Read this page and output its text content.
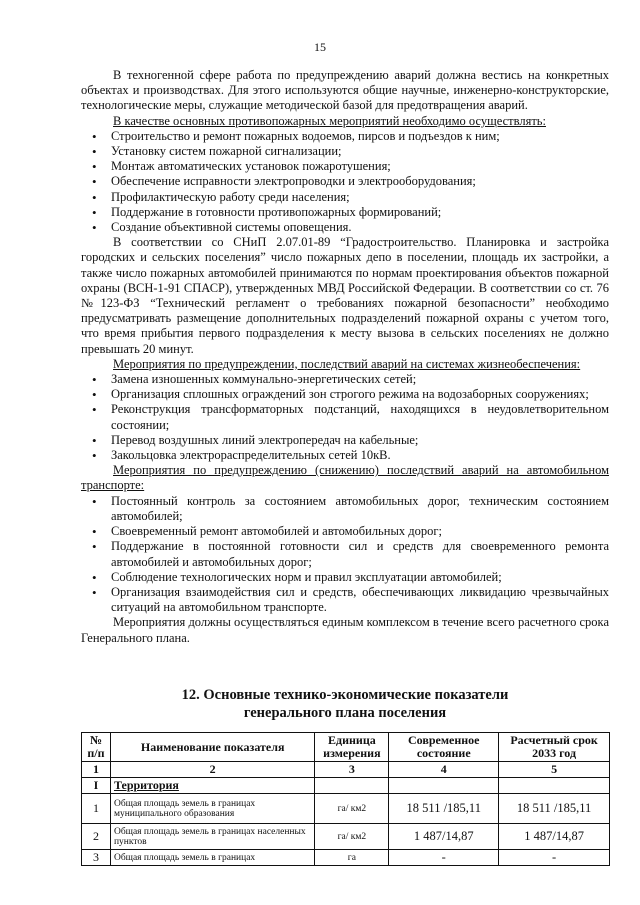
15

В техногенной сфере работа по предупреждению аварий должна вестись на конкретных объектах и производствах. Для этого используются общие научные, инженерно-конструкторские, технологические меры, служащие методической базой для предотвращения аварий.

В качестве основных противопожарных мероприятий необходимо осуществлять:

• Строительство и ремонт пожарных водоемов, пирсов и подъездов к ним;
• Установку систем пожарной сигнализации;
• Монтаж автоматических установок пожаротушения;
• Обеспечение исправности электропроводки и электрооборудования;
• Профилактическую работу среди населения;
• Поддержание в готовности противопожарных формирований;
• Создание объективной системы оповещения.

В соответствии со СНиП 2.07.01-89 “Градостроительство. Планировка и застройка городских и сельских поселения” число пожарных депо в поселении, площадь их застройки, а также число пожарных автомобилей принимаются по нормам проектирования объектов пожарной охраны (ВСН-1-91 СПАСР), утвержденных МВД Российской Федерации. В соответствии со ст. 76 №123-ФЗ “Технический регламент о требованиях пожарной безопасности” необходимо предусматривать размещение дополнительных подразделений пожарной охраны с учетом того, что время прибытия первого подразделения к месту вызова в сельских поселениях не должно превышать 20 минут.

Мероприятия по предупреждении, последствий аварий на системах жизнеобеспечения:

• Замена изношенных коммунально-энергетических сетей;
• Организация сплошных ограждений зон строгого режима на водозаборных сооружениях;
• Реконструкция трансформаторных подстанций, находящихся в неудовлетворительном состоянии;
• Перевод воздушных линий электропередач на кабельные;
• Закольцовка электрораспределительных сетей 10кВ.

Мероприятия по предупреждению (снижению) последствий аварий на автомобильном транспорте:

• Постоянный контроль за состоянием автомобильных дорог, техническим состоянием автомобилей;
• Своевременный ремонт автомобилей и автомобильных дорог;
• Поддержание в постоянной готовности сил и средств для своевременного ремонта автомобилей и автомобильных дорог;
• Соблюдение технологических норм и правил эксплуатации автомобилей;
• Организация взаимодействия сил и средств, обеспечивающих ликвидацию чрезвычайных ситуаций на автомобильном транспорте.

Мероприятия должны осуществляться единым комплексом в течение всего расчетного срока Генерального плана.

12. Основные технико-экономические показатели
генерального плана поселения
№ п/п	Наименование показателя	Единица измерения	Современное состояние	Расчетный срок 2033 год
1	2	3	4	5
I	Территория			
1	Общая площадь земель в границах муниципального образования	га/ км2	18 511 /185,11	18 511 /185,11
2	Общая площадь земель в границах населенных пунктов	га/ км2	1 487/14,87	1 487/14,87
3	Общая площадь земель в границах	га	-	-
